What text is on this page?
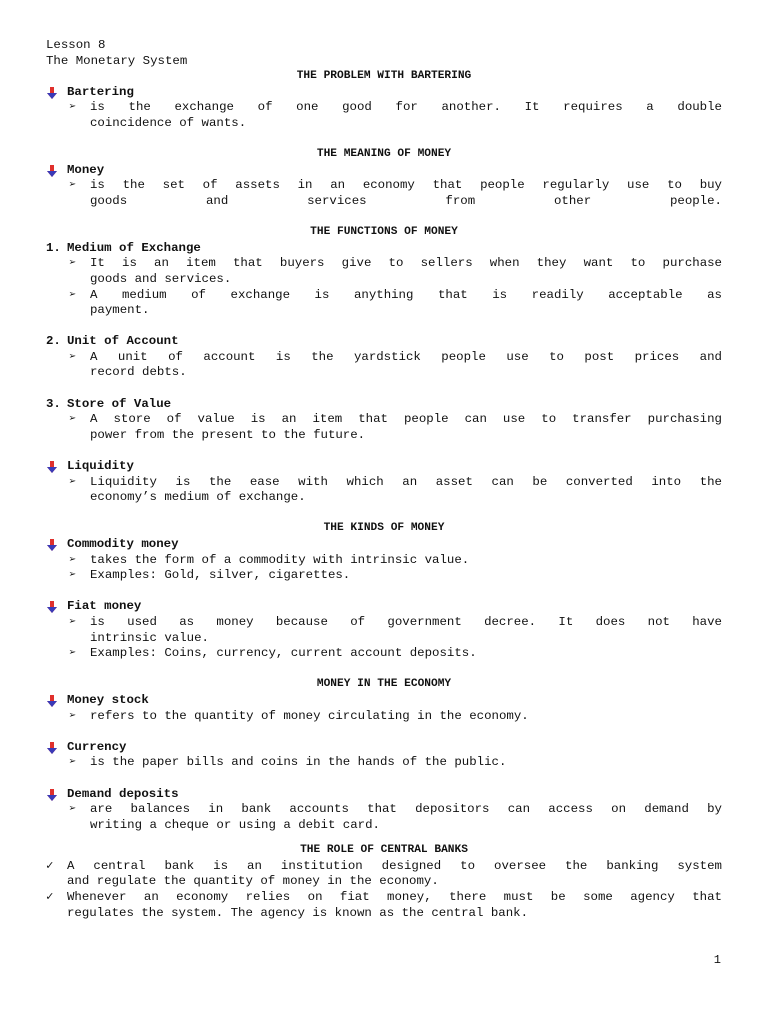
Lesson 8
The Monetary System
THE PROBLEM WITH BARTERING
Bartering
➢ is the exchange of one good for another. It requires a double
coincidence of wants.
THE MEANING OF MONEY
Money
➢ is the set of assets in an economy that people regularly use to buy
goods and services from other people.
THE FUNCTIONS OF MONEY
1. Medium of Exchange
➢ It is an item that buyers give to sellers when they want to purchase
goods and services.
➢ A medium of exchange is anything that is readily acceptable as
payment.
2. Unit of Account
➢ A unit of account is the yardstick people use to post prices and
record debts.
3. Store of Value
➢ A store of value is an item that people can use to transfer purchasing
power from the present to the future.
Liquidity
➢ Liquidity is the ease with which an asset can be converted into the
economy’s medium of exchange.
THE KINDS OF MONEY
Commodity money
➢ takes the form of a commodity with intrinsic value.
➢ Examples: Gold, silver, cigarettes.
Fiat money
➢ is used as money because of government decree. It does not have
intrinsic value.
➢ Examples: Coins, currency, current account deposits.
MONEY IN THE ECONOMY
Money stock
➢ refers to the quantity of money circulating in the economy.
Currency
➢ is the paper bills and coins in the hands of the public.
Demand deposits
➢ are balances in bank accounts that depositors can access on demand by
writing a cheque or using a debit card.
THE ROLE OF CENTRAL BANKS
✓ A central bank is an institution designed to oversee the banking system
and regulate the quantity of money in the economy.
✓ Whenever an economy relies on fiat money, there must be some agency that
regulates the system. The agency is known as the central bank.
1
